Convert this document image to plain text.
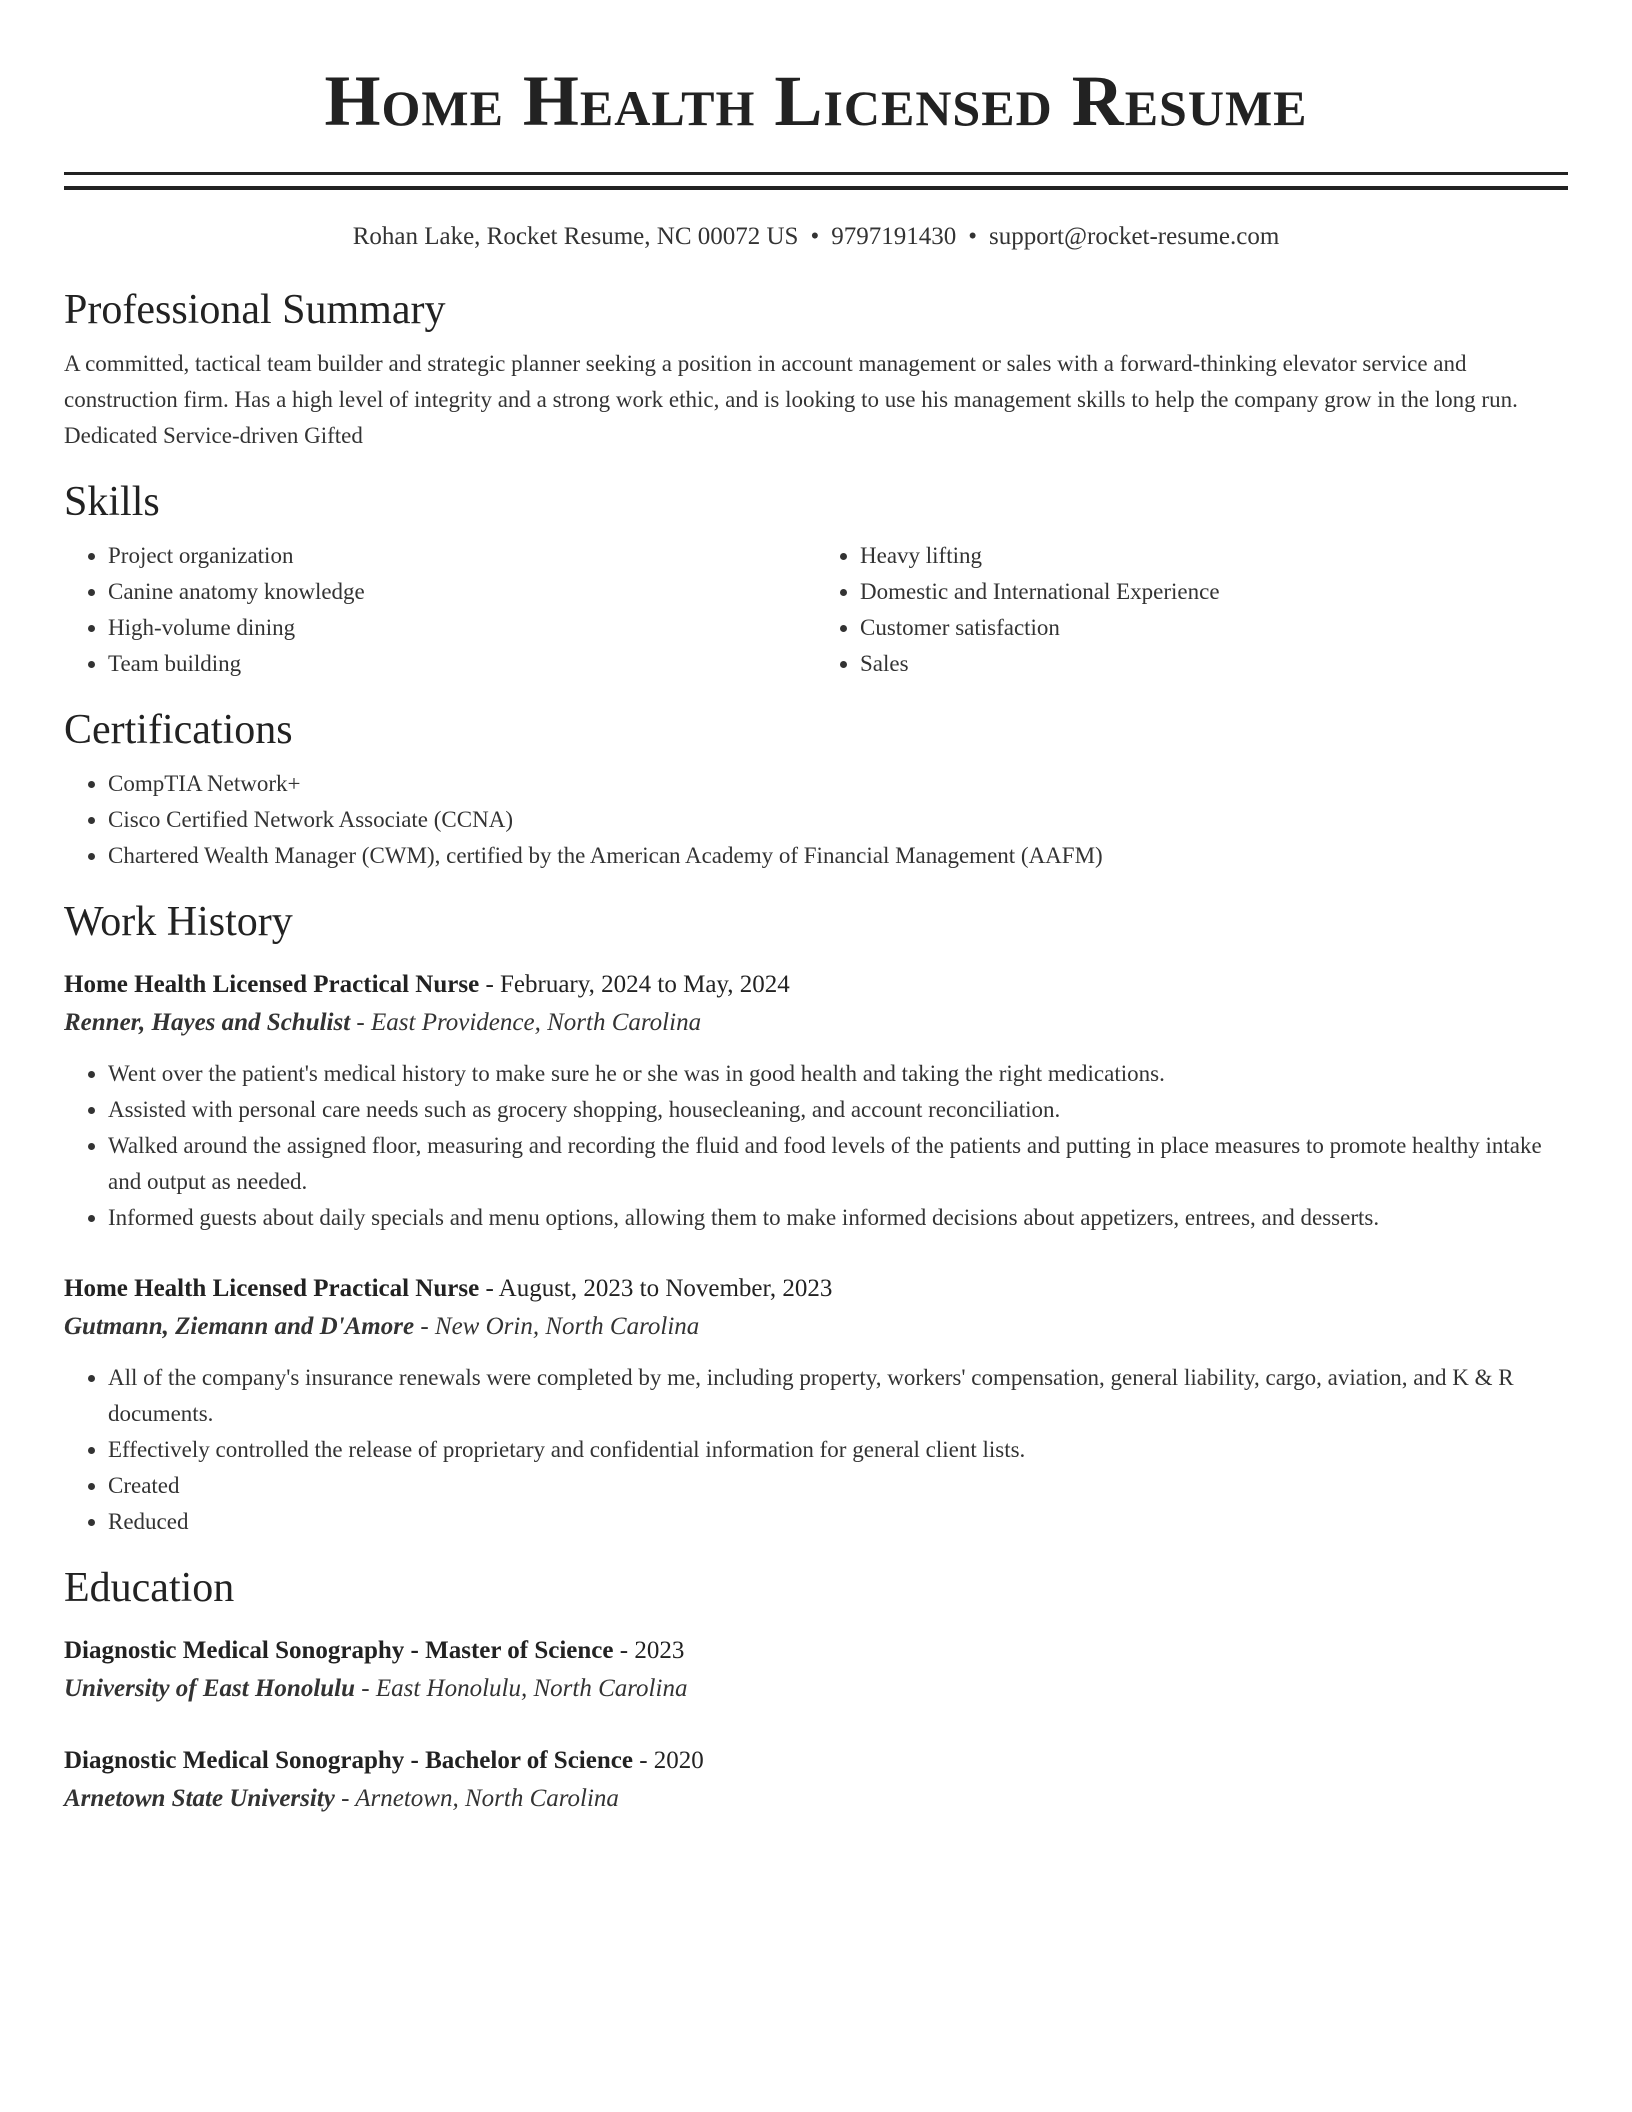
Home Health Licensed Resume
Rohan Lake, Rocket Resume, NC 00072 US • 9797191430 • support@rocket-resume.com
Professional Summary

A committed, tactical team builder and strategic planner seeking a position in account management or sales with a forward-thinking elevator service and construction firm. Has a high level of integrity and a strong work ethic, and is looking to use his management skills to help the company grow in the long run. Dedicated Service-driven Gifted

Skills
• Project organization
• Canine anatomy knowledge
• High-volume dining
• Team building
• Heavy lifting
• Domestic and International Experience
• Customer satisfaction
• Sales
Certifications
• CompTIA Network+
• Cisco Certified Network Associate (CCNA)
• Chartered Wealth Manager (CWM), certified by the American Academy of Financial Management (AAFM)
Work History
Home Health Licensed Practical Nurse - February, 2024 to May, 2024
Renner, Hayes and Schulist - East Providence, North Carolina
• Went over the patient's medical history to make sure he or she was in good health and taking the right medications.
• Assisted with personal care needs such as grocery shopping, housecleaning, and account reconciliation.
• Walked around the assigned floor, measuring and recording the fluid and food levels of the patients and putting in place measures to promote healthy intake and output as needed.
• Informed guests about daily specials and menu options, allowing them to make informed decisions about appetizers, entrees, and desserts.
Home Health Licensed Practical Nurse - August, 2023 to November, 2023
Gutmann, Ziemann and D'Amore - New Orin, North Carolina
• All of the company's insurance renewals were completed by me, including property, workers' compensation, general liability, cargo, aviation, and K & R documents.
• Effectively controlled the release of proprietary and confidential information for general client lists.
• Created
• Reduced
Education
Diagnostic Medical Sonography - Master of Science - 2023
University of East Honolulu - East Honolulu, North Carolina
Diagnostic Medical Sonography - Bachelor of Science - 2020
Arnetown State University - Arnetown, North Carolina
